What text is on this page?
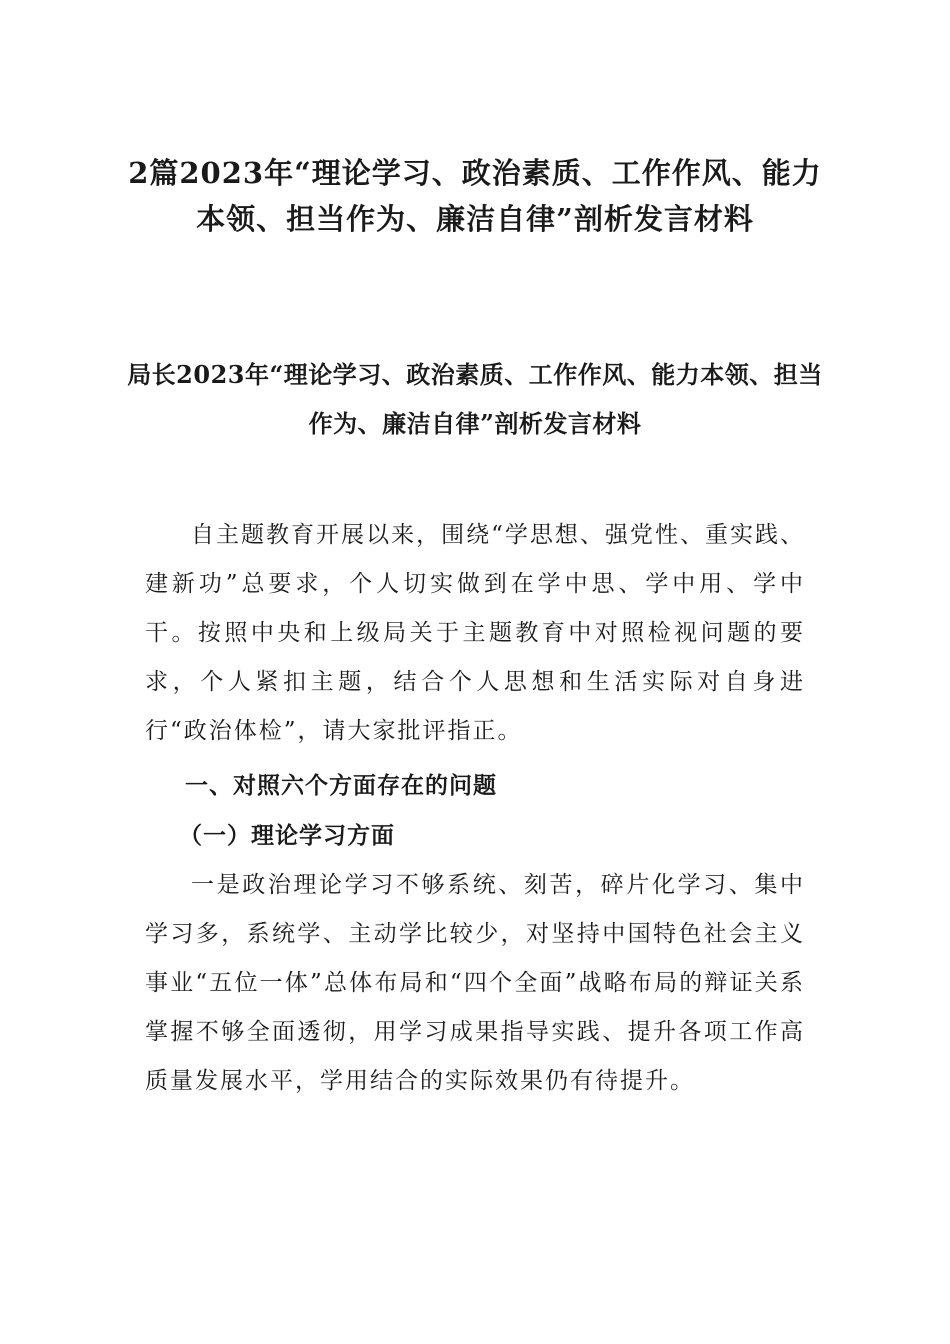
2篇2023年“理论学习、政治素质、工作作风、能力本领、担当作为、廉洁自律”剖析发言材料
局长2023年“理论学习、政治素质、工作作风、能力本领、担当作为、廉洁自律”剖析发言材料

自主题教育开展以来，围绕“学思想、强党性、重实践、建新功”总要求，个人切实做到在学中思、学中用、学中干。按照中央和上级局关于主题教育中对照检视问题的要求，个人紧扣主题，结合个人思想和生活实际对自身进行“政治体检”，请大家批评指正。

一、对照六个方面存在的问题
（一）理论学习方面

一是政治理论学习不够系统、刻苦，碎片化学习、集中学习多，系统学、主动学比较少，对坚持中国特色社会主义事业“五位一体”总体布局和“四个全面”战略布局的辩证关系掌握不够全面透彻，用学习成果指导实践、提升各项工作高质量发展水平，学用结合的实际效果仍有待提升。
